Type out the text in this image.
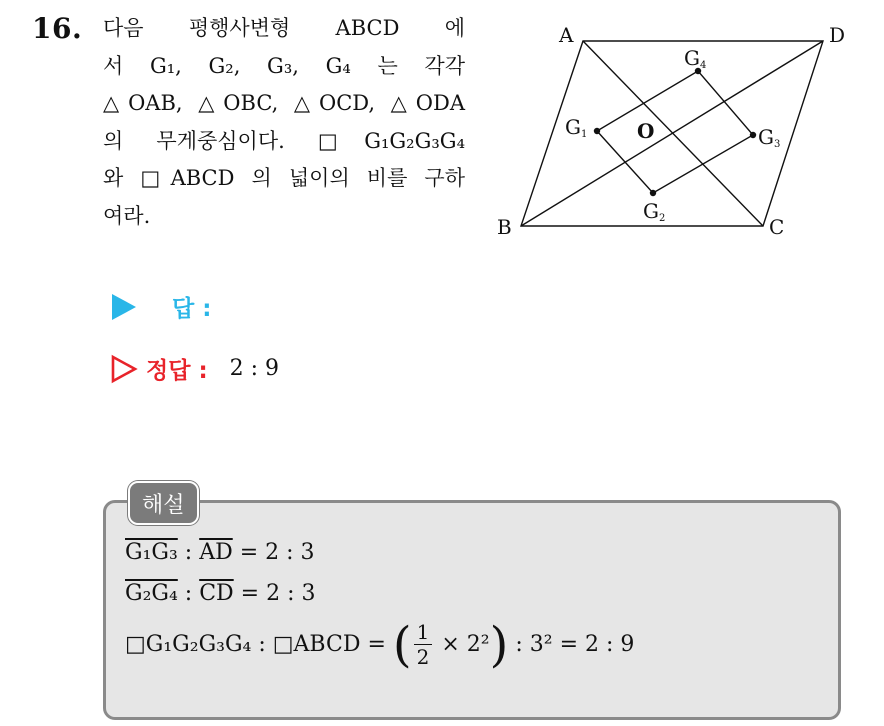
16. 다음 평행사변형 ABCD 에
서 G₁, G₂, G₃, G₄ 는 각각
△OAB, △OBC, △OCD, △ODA
의 무게중심이다. □G₁G₂G₃G₄
와 □ABCD 의 넓이의 비를 구하
여라.
A	D
B	C
O
G1
G2
G3
G4
답 :
정답 : 2 : 9
해설
G₁G₃ : $\overline{AD} = 2$ : 3
G₂G₄ : $\overline{CD} = 2$ : 3
□G₁G₂G₃G₄ : □ABCD = ( $\frac{1}{2} \times 2^2$ ) : 3² = 2 : 9
